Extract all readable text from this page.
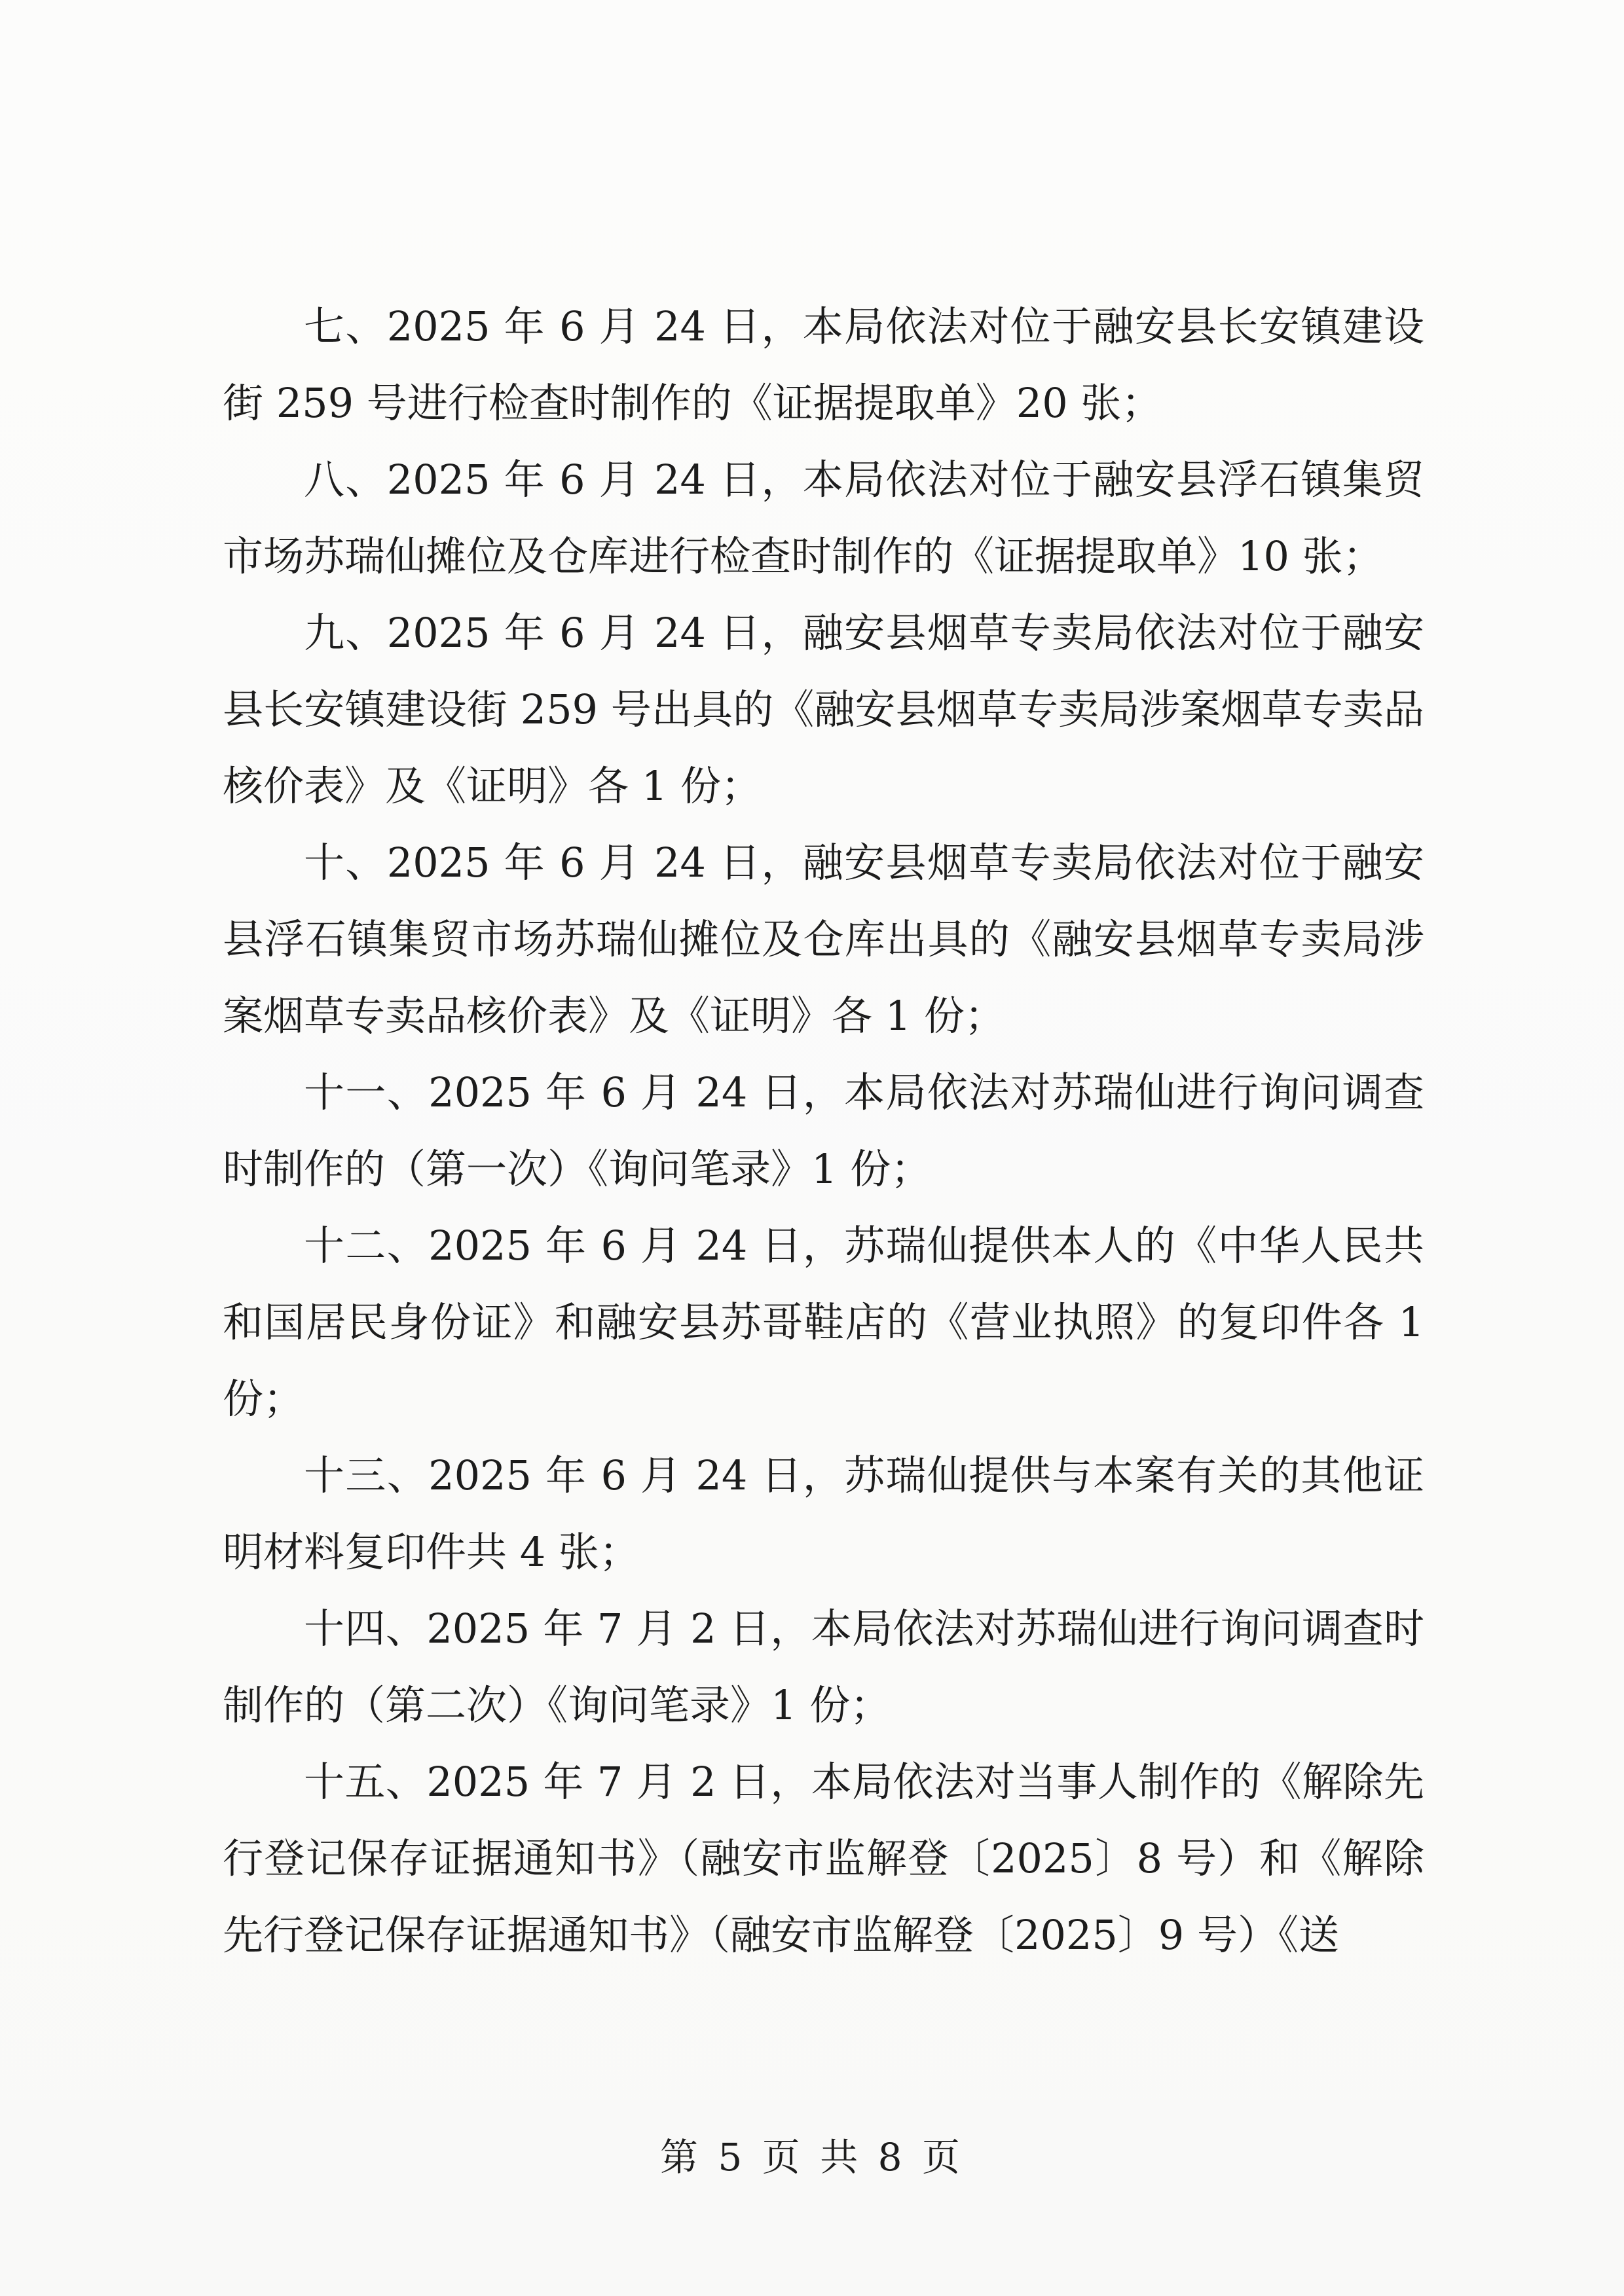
七、2025 年 6 月 24 日，本局依法对位于融安县长安镇建设街 259 号进行检查时制作的《证据提取单》20 张；

八、2025 年 6 月 24 日，本局依法对位于融安县浮石镇集贸市场苏瑞仙摊位及仓库进行检查时制作的《证据提取单》10 张；

九、2025 年 6 月 24 日，融安县烟草专卖局依法对位于融安县长安镇建设街 259 号出具的《融安县烟草专卖局涉案烟草专卖品核价表》及《证明》各 1 份；

十、2025 年 6 月 24 日，融安县烟草专卖局依法对位于融安县浮石镇集贸市场苏瑞仙摊位及仓库出具的《融安县烟草专卖局涉案烟草专卖品核价表》及《证明》各 1 份；

十一、2025 年 6 月 24 日，本局依法对苏瑞仙进行询问调查时制作的（第一次）《询问笔录》1 份；

十二、2025 年 6 月 24 日，苏瑞仙提供本人的《中华人民共和国居民身份证》和融安县苏哥鞋店的《营业执照》的复印件各 1 份；

十三、2025 年 6 月 24 日，苏瑞仙提供与本案有关的其他证明材料复印件共 4 张；

十四、2025 年 7 月 2 日，本局依法对苏瑞仙进行询问调查时制作的（第二次）《询问笔录》1 份；

十五、2025 年 7 月 2 日，本局依法对当事人制作的《解除先行登记保存证据通知书》（融安市监解登〔2025〕8 号）和《解除先行登记保存证据通知书》（融安市监解登〔2025〕9 号）《送

第 5 页 共 8 页
